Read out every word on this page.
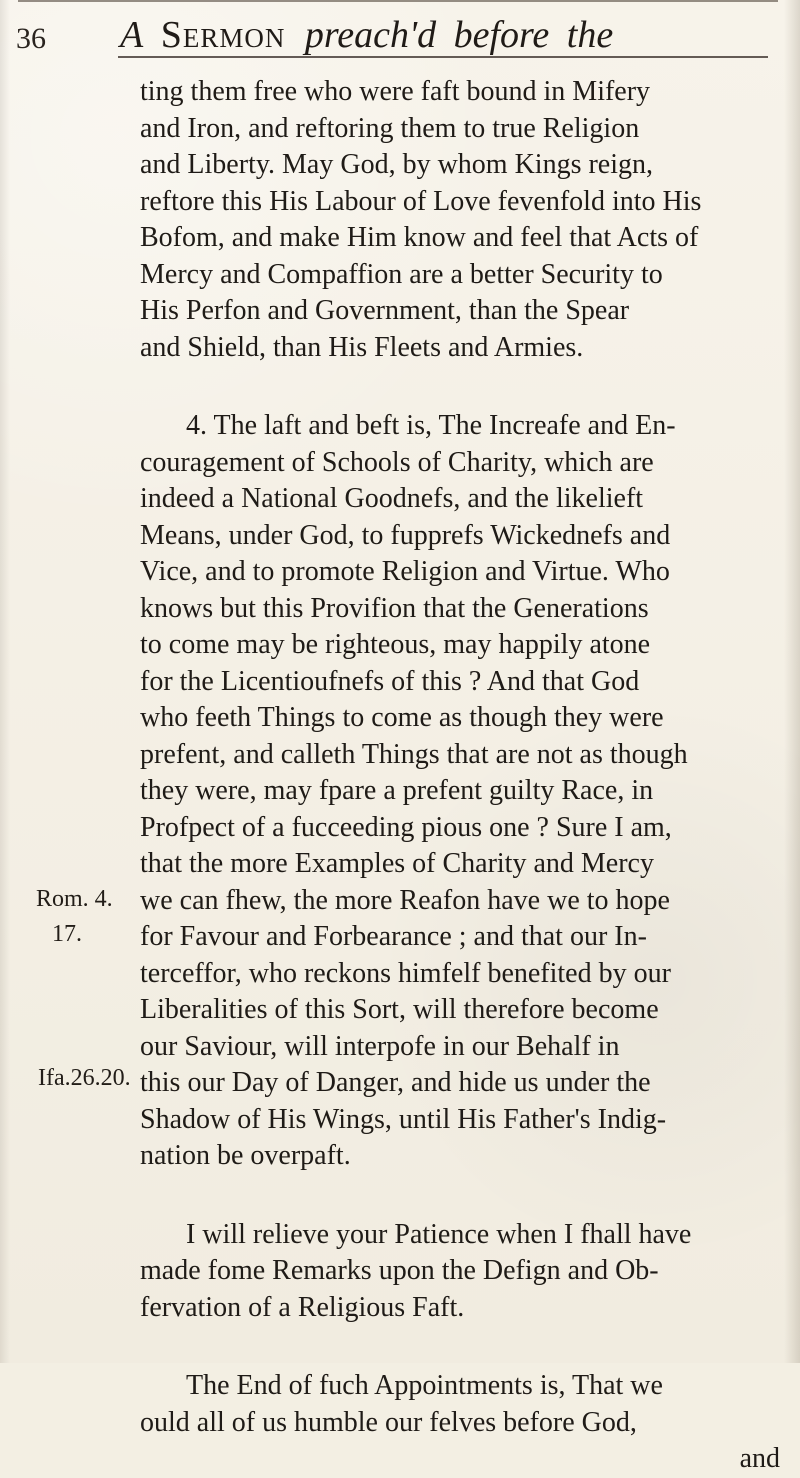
36 A Sermon preach'd before the
Rom. 4.
17.
Ifa.26.20.
ting them free who were faft bound in Mifery
and Iron, and reftoring them to true Religion
and Liberty. May God, by whom Kings reign,
reftore this His Labour of Love fevenfold into His
Bofom, and make Him know and feel that Acts of
Mercy and Compaffion are a better Security to
His Perfon and Government, than the Spear
and Shield, than His Fleets and Armies.
4. The laft and beft is, The Increafe and En-
couragement of Schools of Charity, which are
indeed a National Goodnefs, and the likelieft
Means, under God, to fupprefs Wickednefs and
Vice, and to promote Religion and Virtue. Who
knows but this Provifion that the Generations
to come may be righteous, may happily atone
for the Licentioufnefs of this ? And that God
who feeth Things to come as though they were
prefent, and calleth Things that are not as though
they were, may fpare a prefent guilty Race, in
Profpect of a fucceeding pious one ? Sure I am,
that the more Examples of Charity and Mercy
we can fhew, the more Reafon have we to hope
for Favour and Forbearance ; and that our In-
terceffor, who reckons himfelf benefited by our
Liberalities of this Sort, will therefore become
our Saviour, will interpofe in our Behalf in
this our Day of Danger, and hide us under the
Shadow of His Wings, until His Father's Indig-
nation be overpaft.
I will relieve your Patience when I fhall have
made fome Remarks upon the Defign and Ob-
fervation of a Religious Faft.
The End of fuch Appointments is, That we
ould all of us humble our felves before God,
and
